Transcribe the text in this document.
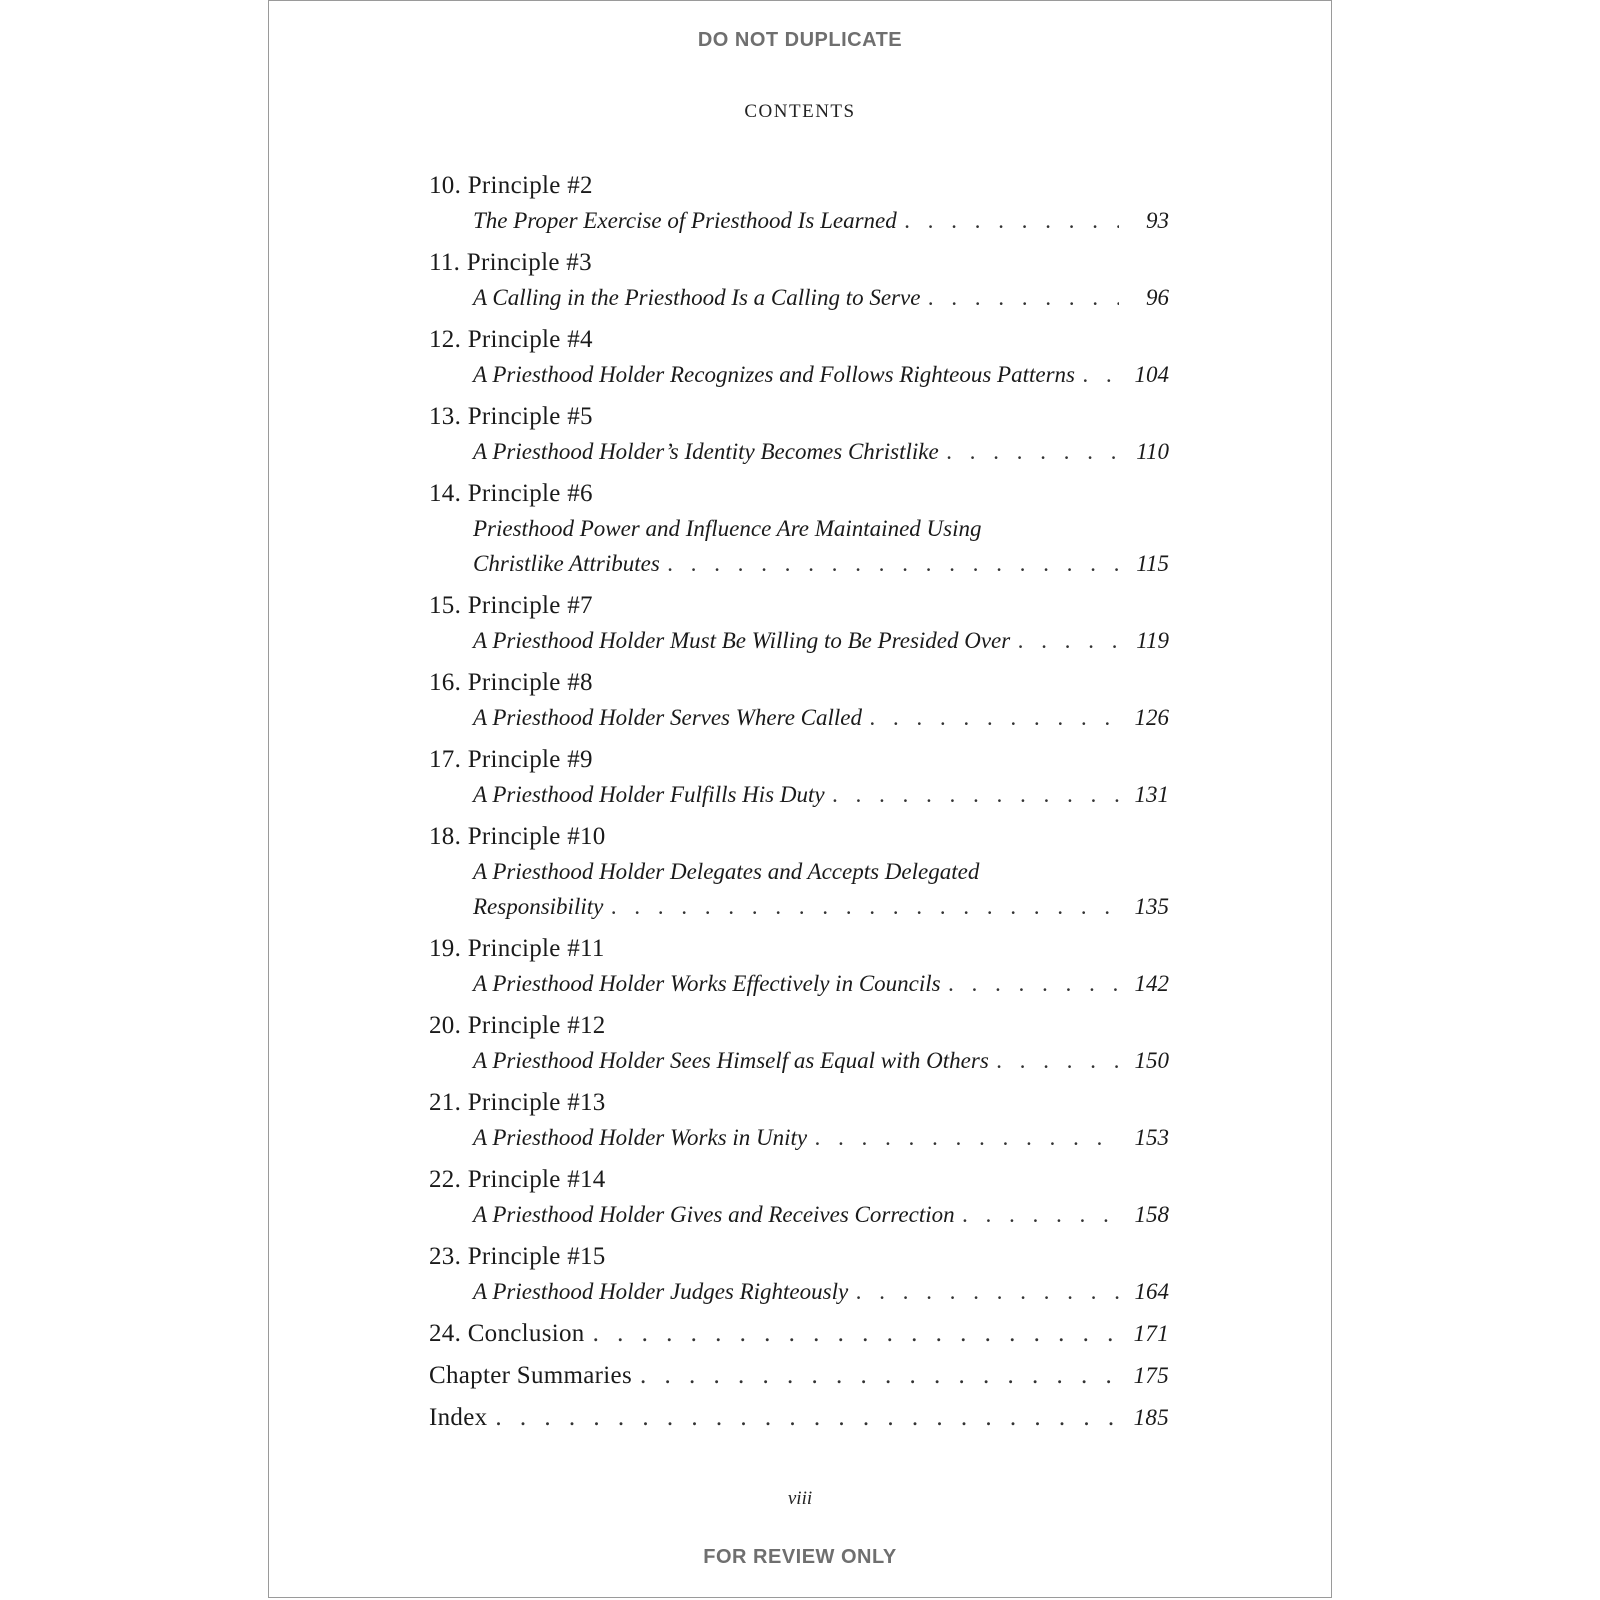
DO NOT DUPLICATE
CONTENTS
10. Principle #2
The Proper Exercise of Priesthood Is Learned . . .	93
11. Principle #3
A Calling in the Priesthood Is a Calling to Serve . . .	96
12. Principle #4
A Priesthood Holder Recognizes and Follows Righteous Patterns . . .	104
13. Principle #5
A Priesthood Holder’s Identity Becomes Christlike . . .	110
14. Principle #6
Priesthood Power and Influence Are Maintained Using
Christlike Attributes . . .	115
15. Principle #7
A Priesthood Holder Must Be Willing to Be Presided Over . . .	119
16. Principle #8
A Priesthood Holder Serves Where Called . . .	126
17. Principle #9
A Priesthood Holder Fulfills His Duty . . .	131
18. Principle #10
A Priesthood Holder Delegates and Accepts Delegated
Responsibility . . .	135
19. Principle #11
A Priesthood Holder Works Effectively in Councils . . .	142
20. Principle #12
A Priesthood Holder Sees Himself as Equal with Others . . .	150
21. Principle #13
A Priesthood Holder Works in Unity . . .	153
22. Principle #14
A Priesthood Holder Gives and Receives Correction . . .	158
23. Principle #15
A Priesthood Holder Judges Righteously . . .	164
24. Conclusion . . .	171
Chapter Summaries . . .	175
Index . . .	185
viii
FOR REVIEW ONLY
